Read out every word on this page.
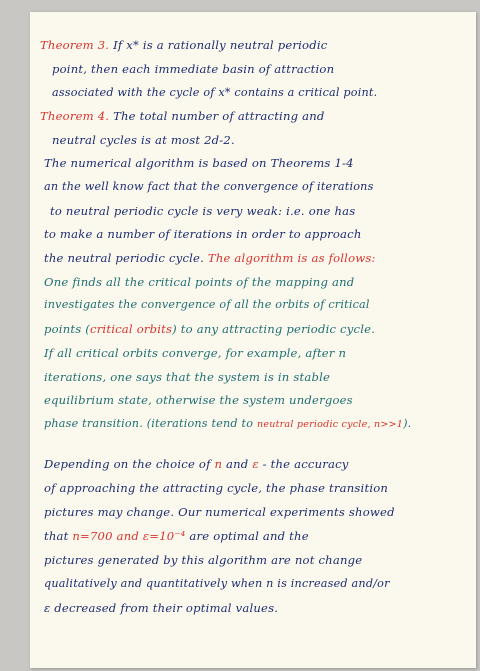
Theorem 3. If x* is a rationally neutral periodic
point, then each immediate basin of attraction
associated with the cycle of x* contains a critical point.
Theorem 4. The total number of attracting and
neutral cycles is at most 2d-2.
The numerical algorithm is based on Theorems 1-4
an the well know fact that the convergence of iterations
to neutral periodic cycle is very weak: i.e. one has
to make a number of iterations in order to approach
the neutral periodic cycle. The algorithm is as follows:
One finds all the critical points of the mapping and
investigates the convergence of all the orbits of critical
points (critical orbits) to any attracting periodic cycle.
If all critical orbits converge, for example, after n
iterations, one says that the system is in stable
equilibrium state, otherwise the system undergoes
phase transition. (iterations tend to neutral periodic cycle, n>>1).
Depending on the choice of n and ε - the accuracy
of approaching the attracting cycle, the phase transition
pictures may change. Our numerical experiments showed
that n=700 and ε=10⁻⁴ are optimal and the
pictures generated by this algorithm are not change
qualitatively and quantitatively when n is increased and/or
ε decreased from their optimal values.
